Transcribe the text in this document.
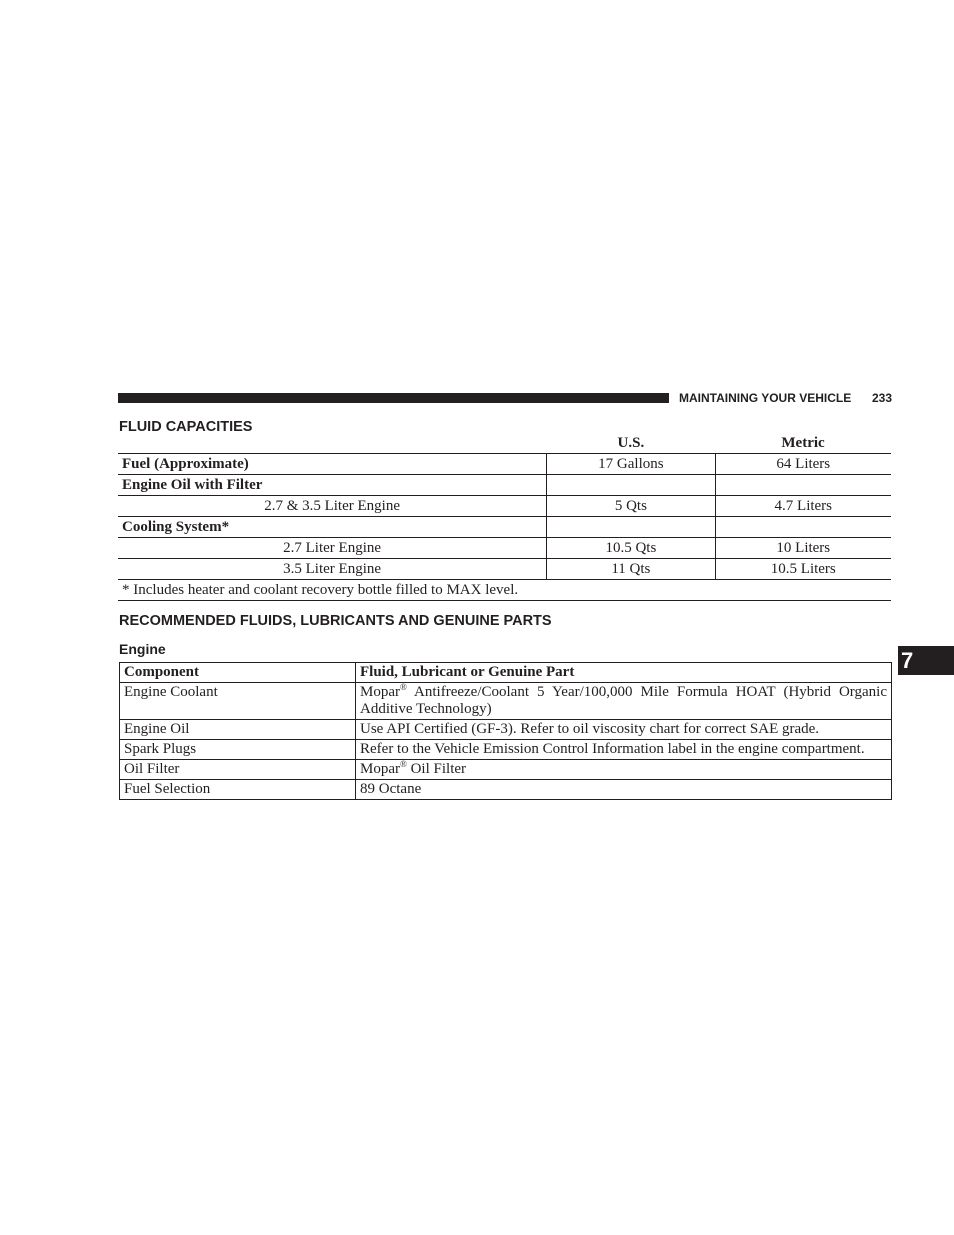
MAINTAINING YOUR VEHICLE 233
FLUID CAPACITIES
	U.S.	Metric
Fuel (Approximate)	17 Gallons	64 Liters
Engine Oil with Filter		
2.7 & 3.5 Liter Engine	5 Qts	4.7 Liters
Cooling System*		
2.7 Liter Engine	10.5 Qts	10 Liters
3.5 Liter Engine	11 Qts	10.5 Liters
* Includes heater and coolant recovery bottle filled to MAX level.		
RECOMMENDED FLUIDS, LUBRICANTS AND GENUINE PARTS
Engine
Component	Fluid, Lubricant or Genuine Part
Engine Coolant	Mopar® Antifreeze/Coolant 5 Year/100,000 Mile Formula HOAT (Hybrid Organic Additive Technology)
Engine Oil	Use API Certified (GF-3). Refer to oil viscosity chart for correct SAE grade.
Spark Plugs	Refer to the Vehicle Emission Control Information label in the engine compartment.
Oil Filter	Mopar® Oil Filter
Fuel Selection	89 Octane
7
